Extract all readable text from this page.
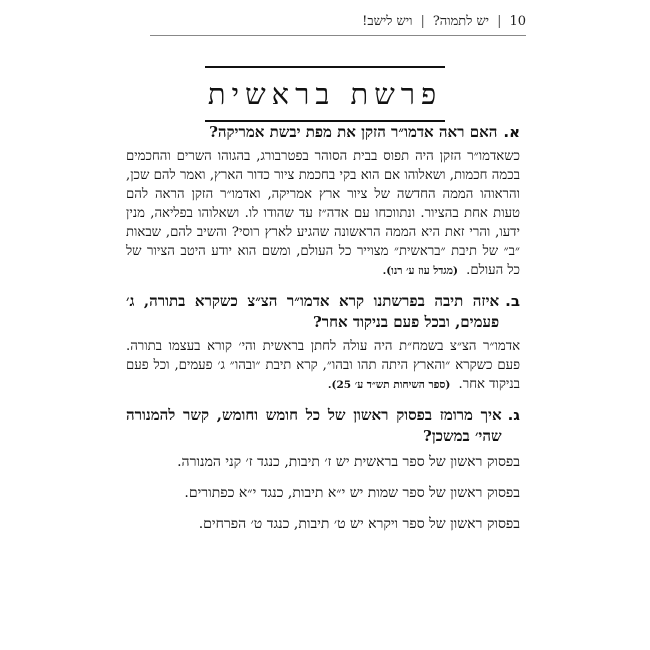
10
|
יש לתמוה?
|
ויש לישב!
פרשת בראשית
א.
האם ראה אדמו״ר הזקן את מפת יבשת אמריקה?

כשאדמו״ר הזקן היה תפוס בבית הסוהר בפטרבורג, בהגוהו השרים והחכמים בכמה חכמות, ושאלוהו אם הוא בקי בחכמת ציור כדור הארץ, ואמר להם שכן, והראוהו הממה החדשה של ציור ארץ אמריקה, ואדמו״ר הזקן הראה להם טעות אחת בהציור. ונתווכחו עם אדה״ז עד שהודו לו. ושאלוהו בפליאה, מנין ידעו, והרי זאת היא הממה הראשונה שהגיע לארץ רוסי? והשיב להם, שבאות ״ב״ של תיבת ״בראשית״ מצוייר כל העולם, ומשם הוא יודע היטב הציור של כל העולם. (מגדל עוז ע׳ רנו).

ב.
איזה תיבה בפרשתנו קרא אדמו״ר הצ״צ כשקרא בתורה, ג׳ פעמים, ובכל פעם בניקוד אחר?

אדמו״ר הצ״צ בשמח״ת היה עולה לחתן בראשית והי׳ קורא בעצמו בתורה. פעם כשקרא ״והארץ היתה תהו ובהו״, קרא תיבת ״ובהו״ ג׳ פעמים, וכל פעם בניקוד אחר. (ספר השיחות תש״ד ע׳ 25).

ג.
איך מרומז בפסוק ראשון של כל חומש וחומש, קשר להמנורה שהי׳ במשכן?

בפסוק ראשון של ספר בראשית יש ז׳ תיבות, כנגד ז׳ קני המנורה.

בפסוק ראשון של ספר שמות יש י״א תיבות, כנגד י״א כפתורים.

בפסוק ראשון של ספר ויקרא יש ט׳ תיבות, כנגד ט׳ הפרחים.
